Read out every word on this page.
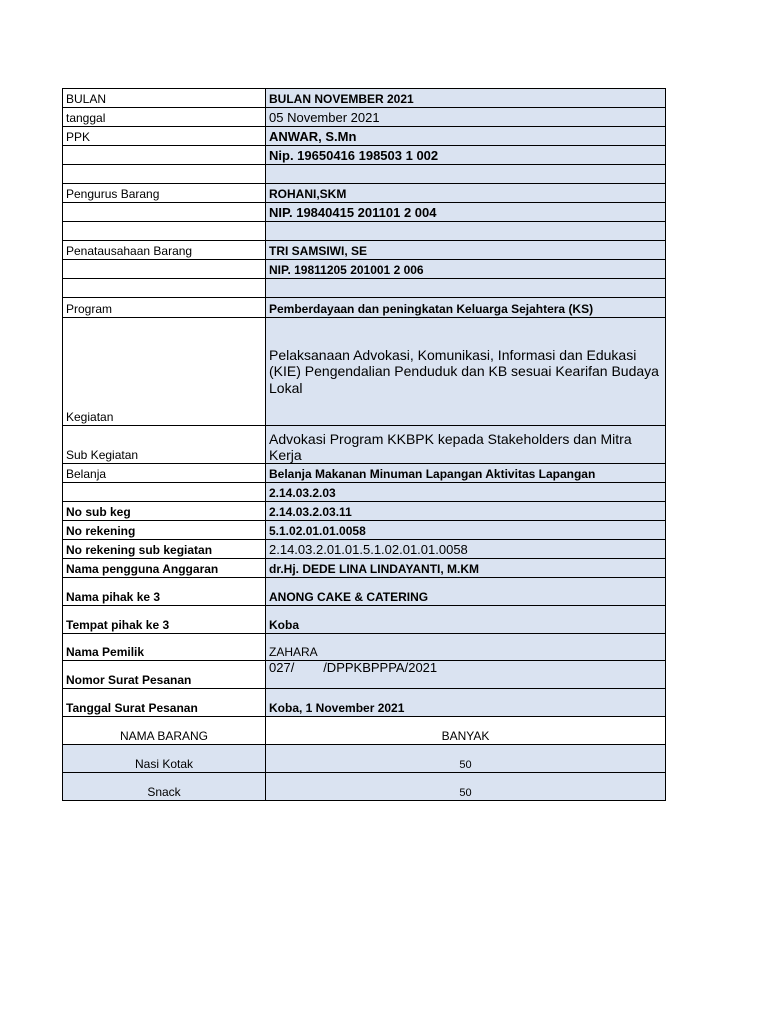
BULAN	BULAN NOVEMBER 2021
tanggal	05 November 2021
PPK	ANWAR, S.Mn
	Nip. 19650416 198503 1 002

Pengurus Barang	ROHANI,SKM
	NIP. 19840415 201101 2 004

Penatausahaan Barang	TRI SAMSIWI, SE
	NIP. 19811205 201001 2 006

Program	Pemberdayaan dan peningkatan Keluarga Sejahtera (KS)
Kegiatan	Pelaksanaan Advokasi, Komunikasi, Informasi dan Edukasi (KIE) Pengendalian Penduduk dan KB sesuai Kearifan Budaya Lokal
Sub Kegiatan	Advokasi Program KKBPK kepada Stakeholders dan Mitra Kerja
Belanja	Belanja Makanan Minuman Lapangan Aktivitas Lapangan
	2.14.03.2.03
No sub keg	2.14.03.2.03.11
No rekening	5.1.02.01.01.0058
No rekening sub kegiatan	2.14.03.2.01.01.5.1.02.01.01.0058
Nama pengguna Anggaran	dr.Hj. DEDE LINA LINDAYANTI, M.KM
Nama pihak ke 3	ANONG CAKE & CATERING
Tempat pihak ke 3	Koba
Nama Pemilik	ZAHARA
Nomor Surat Pesanan	027/        /DPPKBPPPA/2021
Tanggal Surat Pesanan	Koba, 1 November 2021
NAMA BARANG	BANYAK
Nasi Kotak	50
Snack	50
